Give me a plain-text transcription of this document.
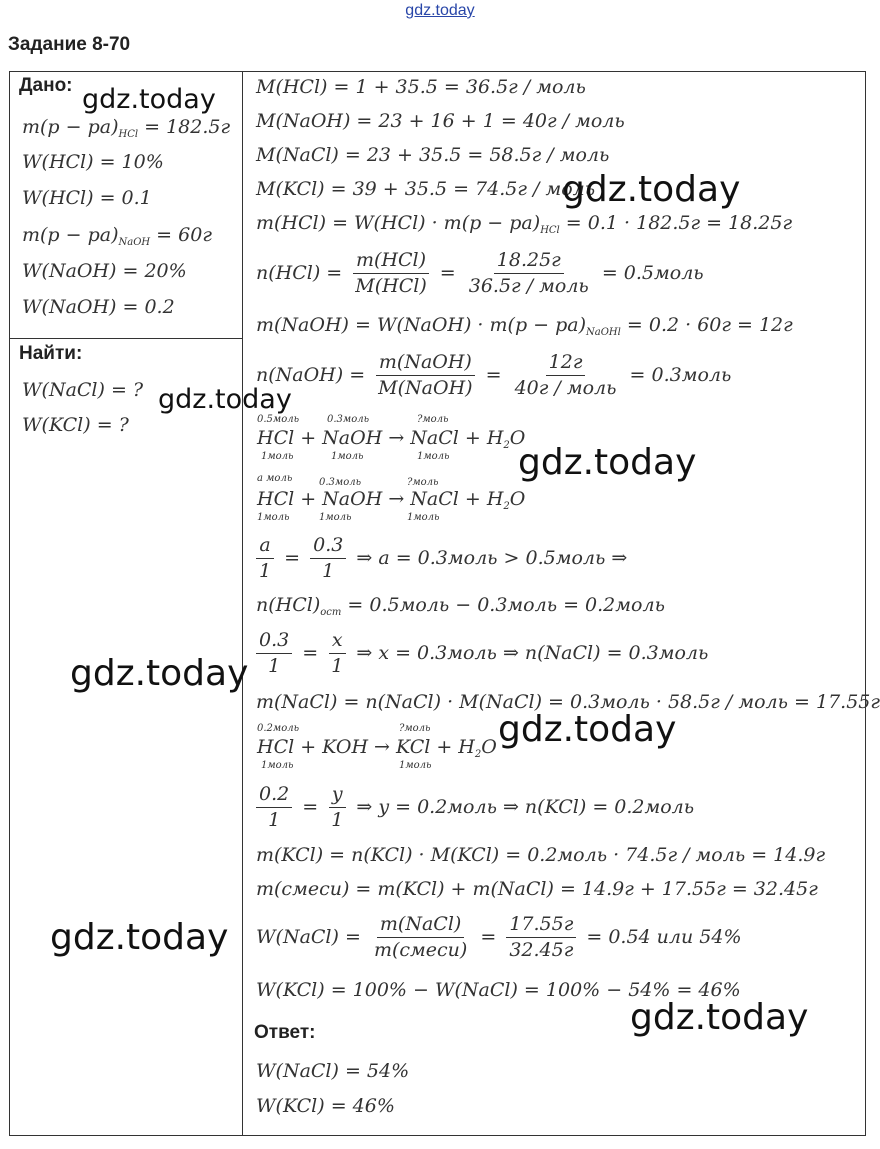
gdz.today
Задание 8-70
Дано:
$m(р - ра)_{HCl} = 182.5г$
W(HCl) = 10%
W(HCl) = 0.1
$m(р - ра)_{NaOH} = 60г$
W(NaOH) = 20%
W(NaOH) = 0.2
Найти:
W(NaCl) = ?
W(KCl) = ?
M(HCl) = 1 + 35.5 = 36.5г / моль
M(NaOH) = 23 + 16 + 1 = 40г / моль
M(NaCl) = 23 + 35.5 = 58.5г / моль
M(KCl) = 39 + 35.5 = 74.5г / моль
$m(HCl) = W(HCl) \cdot m(р - ра)_{HCl} = 0.1 \cdot 182.5г = 18.25г$
$n(HCl) = \frac{\text{m(HCl)}}{\text{M(HCl)}} = \frac{18.25г}{\text{36.5г / моль}}$ = 0.5моль
m(NaOH) = W(NaOH) · $m(р - ра)_{NaOHl} = 0.2 \cdot 60г = 12г$
n(NaOH) = $\frac{\text{m(NaOH)}}{\text{M(NaOH)}} = \frac{12г}{\text{40г / моль}}$ = 0.3моль
0.5моль	0.3моль	?моль
HCl + NaOH → NaCl + $H_2O$
1моль	1моль	1моль
а моль	0.3моль	?моль
HCl + NaOH → NaCl + $H_2O$
1моль	1моль	1моль
$\frac{a}{1} = \frac{0.3}{1}$ ⇒ a = 0.3моль > 0.5моль ⇒
$n(HCl)_{ост}$ = 0.5моль − 0.3моль = 0.2моль
$\frac{0.3}{1} = \frac{x}{1}$ ⇒ x = 0.3моль ⇒ n(NaCl) = 0.3моль
m(NaCl) = n(NaCl) · M(NaCl) = 0.3моль · 58.5г / моль = 17.55г
0.2моль	?моль
HCl + KOH → KCl + $H_2O$
1моль	1моль
$\frac{0.2}{1} = \frac{y}{1}$ ⇒ y = 0.2моль ⇒ n(KCl) = 0.2моль
m(KCl) = n(KCl) · M(KCl) = 0.2моль · 74.5г / моль = 14.9г
m(смеси) = m(KCl) + m(NaCl) = 14.9г + 17.55г = 32.45г
W(NaCl) = $\frac{\text{m(NaCl)}}{\text{m(смеси)}} = \frac{17.55г}{32.45г} = 0.54$ или 54%
W(KCl) = 100% − W(NaCl) = 100% − 54% = 46%
Ответ:
W(NaCl) = 54%
W(KCl) = 46%
gdz.today
gdz.today
gdz.today
gdz.today
gdz.today
gdz.today
gdz.today
gdz.today
